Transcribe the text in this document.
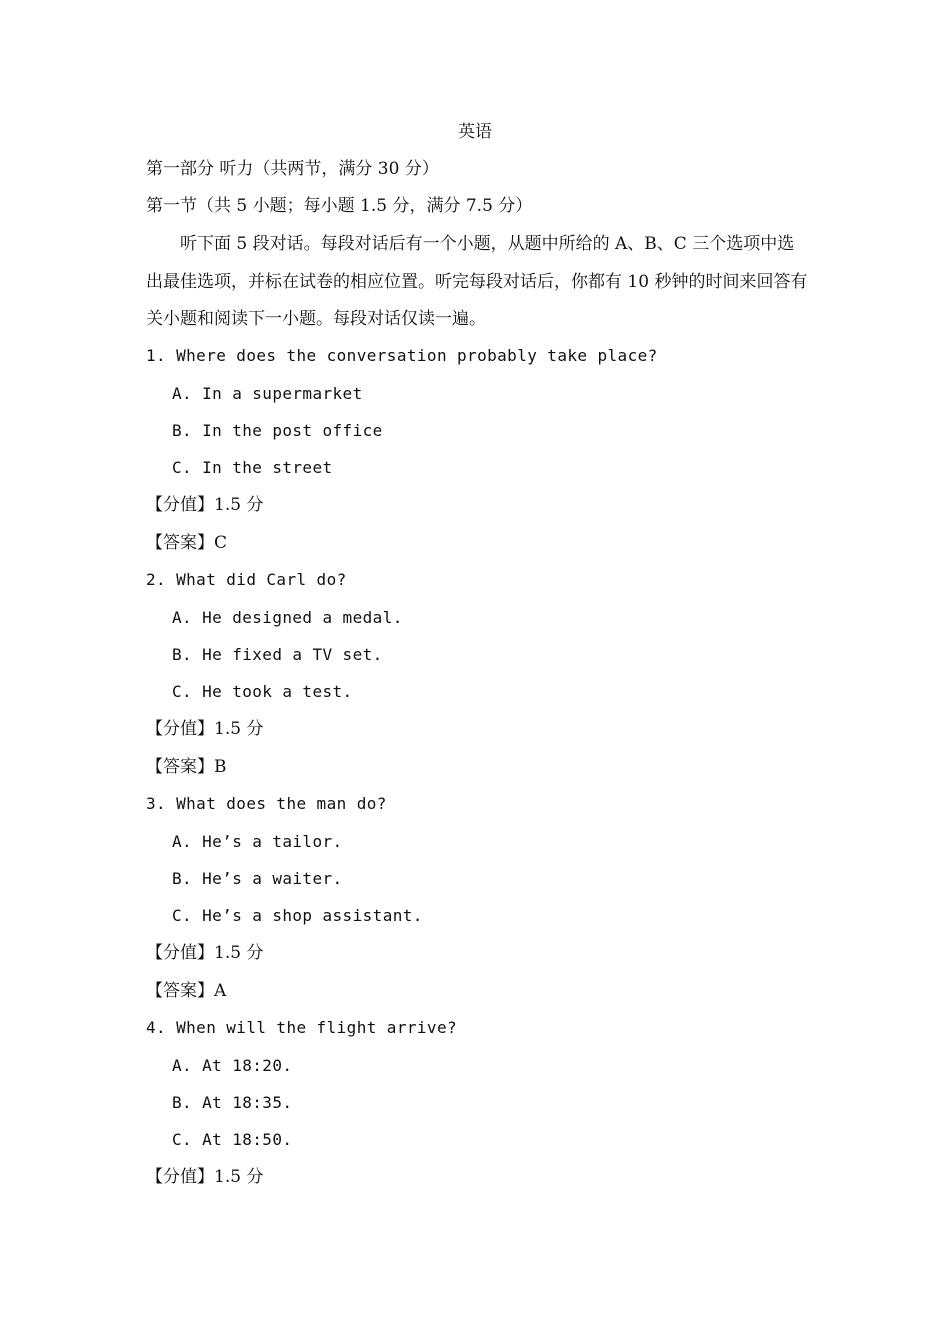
英语
第一部分 听力（共两节，满分 30 分）
第一节（共 5 小题；每小题 1.5 分，满分 7.5 分）
听下面 5 段对话。每段对话后有一个小题，从题中所给的 A、B、C 三个选项中选出最佳选项，并标在试卷的相应位置。听完每段对话后，你都有 10 秒钟的时间来回答有关小题和阅读下一小题。每段对话仅读一遍。
1. Where does the conversation probably take place?
A. In a supermarket
B. In the post office
C. In the street
【分值】1.5 分
【答案】C
2. What did Carl do?
A. He designed a medal.
B. He fixed a TV set.
C. He took a test.
【分值】1.5 分
【答案】B
3. What does the man do?
A. He’s a tailor.
B. He’s a waiter.
C. He’s a shop assistant.
【分值】1.5 分
【答案】A
4. When will the flight arrive?
A. At 18:20.
B. At 18:35.
C. At 18:50.
【分值】1.5 分
